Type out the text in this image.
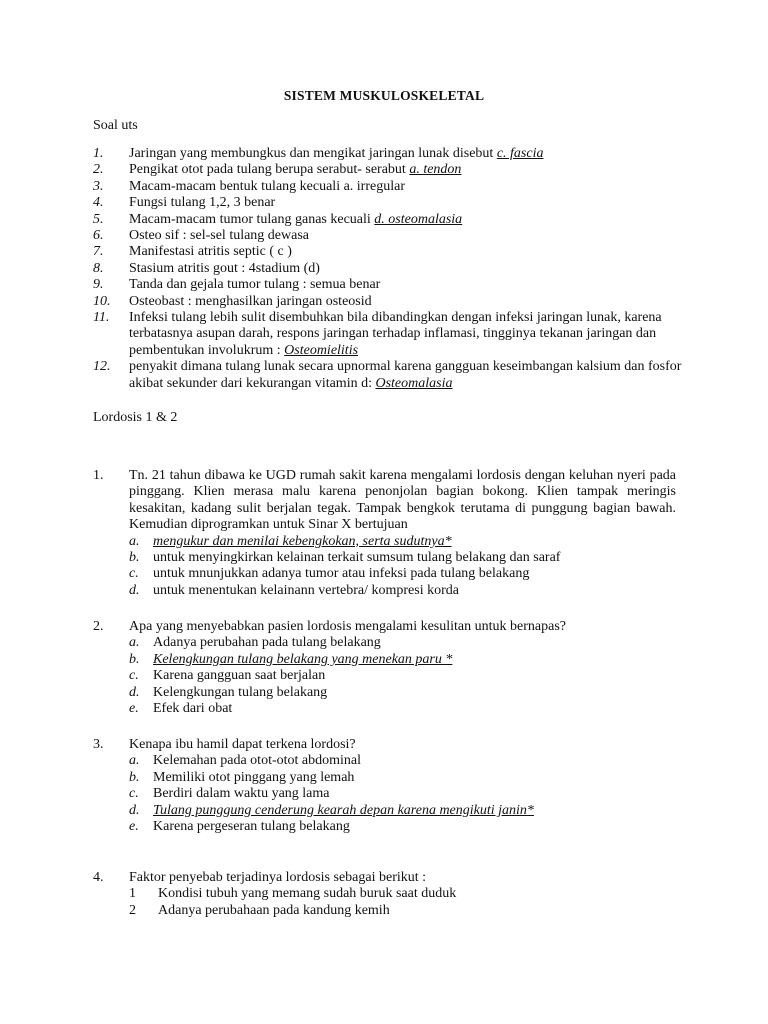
SISTEM MUSKULOSKELETAL
Soal uts
1. Jaringan yang membungkus dan mengikat jaringan lunak disebut c. fascia
2. Pengikat otot pada tulang berupa serabut- serabut a. tendon
3. Macam-macam bentuk tulang kecuali a. irregular
4. Fungsi tulang 1,2, 3 benar
5. Macam-macam tumor tulang ganas kecuali d. osteomalasia
6. Osteo sif : sel-sel tulang dewasa
7. Manifestasi atritis septic ( c )
8. Stasium atritis gout : 4stadium (d)
9. Tanda dan gejala tumor tulang : semua benar
10. Osteobast : menghasilkan jaringan osteosid
11. Infeksi tulang lebih sulit disembuhkan bila dibandingkan dengan infeksi jaringan lunak, karena terbatasnya asupan darah, respons jaringan terhadap inflamasi, tingginya tekanan jaringan dan pembentukan involukrum : Osteomielitis
12. penyakit dimana tulang lunak secara upnormal karena gangguan keseimbangan kalsium dan fosfor akibat sekunder dari kekurangan vitamin d: Osteomalasia
Lordosis 1 & 2
1. Tn. 21 tahun dibawa ke UGD rumah sakit karena mengalami lordosis dengan keluhan nyeri pada pinggang. Klien merasa malu karena penonjolan bagian bokong. Klien tampak meringis kesakitan, kadang sulit berjalan tegak. Tampak bengkok terutama di punggung bagian bawah. Kemudian diprogramkan untuk Sinar X bertujuan
a. mengukur dan menilai kebengkokan, serta sudutnya*
b. untuk menyingkirkan kelainan terkait sumsum tulang belakang dan saraf
c. untuk mnunjukkan adanya tumor atau infeksi pada tulang belakang
d. untuk menentukan kelainann vertebra/ kompresi korda
2. Apa yang menyebabkan pasien lordosis mengalami kesulitan untuk bernapas?
a. Adanya perubahan pada tulang belakang
b. Kelengkungan tulang belakang yang menekan paru *
c. Karena gangguan saat berjalan
d. Kelengkungan tulang belakang
e. Efek dari obat
3. Kenapa ibu hamil dapat terkena lordosi?
a. Kelemahan pada otot-otot abdominal
b. Memiliki otot pinggang yang lemah
c. Berdiri dalam waktu yang lama
d. Tulang punggung cenderung kearah depan karena mengikuti janin*
e. Karena pergeseran tulang belakang
4. Faktor penyebab terjadinya lordosis sebagai berikut :
1 Kondisi tubuh yang memang sudah buruk saat duduk
2 Adanya perubahaan pada kandung kemih
